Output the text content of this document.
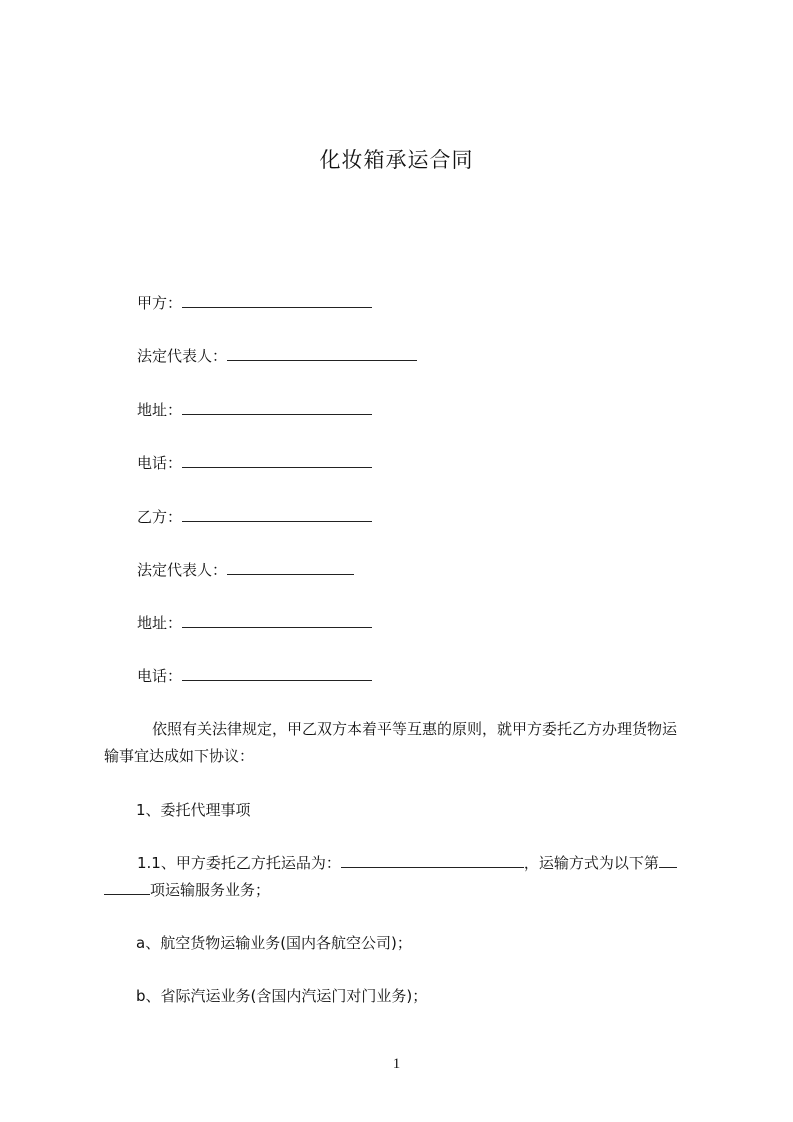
化妆箱承运合同
甲方：
法定代表人：
地址：
电话：
乙方：
法定代表人：
地址：
电话：
依照有关法律规定，甲乙双方本着平等互惠的原则，就甲方委托乙方办理货物运
输事宜达成如下协议：
1、委托代理事项
1.1、甲方委托乙方托运品为：	，运输方式为以下第
项运输服务业务；
a、航空货物运输业务(国内各航空公司)；
b、省际汽运业务(含国内汽运门对门业务)；
1
